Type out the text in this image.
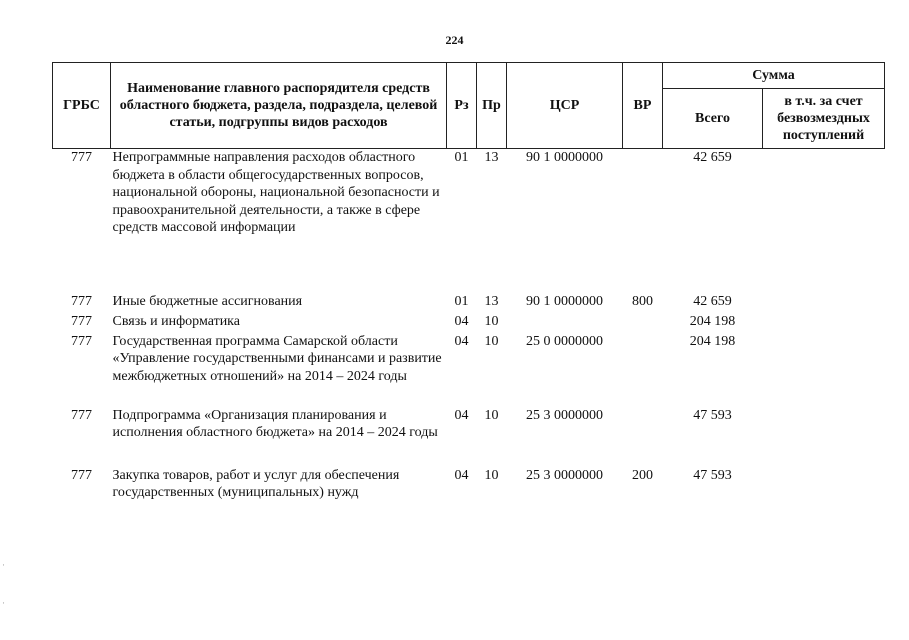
224
ГРБС	Наименование главного распорядителя средств областного бюджета, раздела, подраздела, целевой статьи, подгруппы видов расходов	Рз	Пр	ЦСР	ВР	Сумма	
						Всего	в т.ч. за счет безвозмездных поступлений
777	Непрограммные направления расходов областного бюджета в области общегосударственных вопросов, национальной обороны, национальной безопасности и правоохранительной деятельности, а также в сфере средств массовой информации	01	13	90 1 0000000		42 659	
777	Иные бюджетные ассигнования	01	13	90 1 0000000	800	42 659	
777	Связь и информатика	04	10			204 198	
777	Государственная программа Самарской области «Управление государственными финансами и развитие межбюджетных отношений» на 2014 – 2024 годы	04	10	25 0 0000000		204 198	
777	Подпрограмма «Организация планирования и исполнения областного бюджета» на 2014 – 2024 годы	04	10	25 3 0000000		47 593	
777	Закупка товаров, работ и услуг для обеспечения государственных (муниципальных) нужд	04	10	25 3 0000000	200	47 593	
·
·
